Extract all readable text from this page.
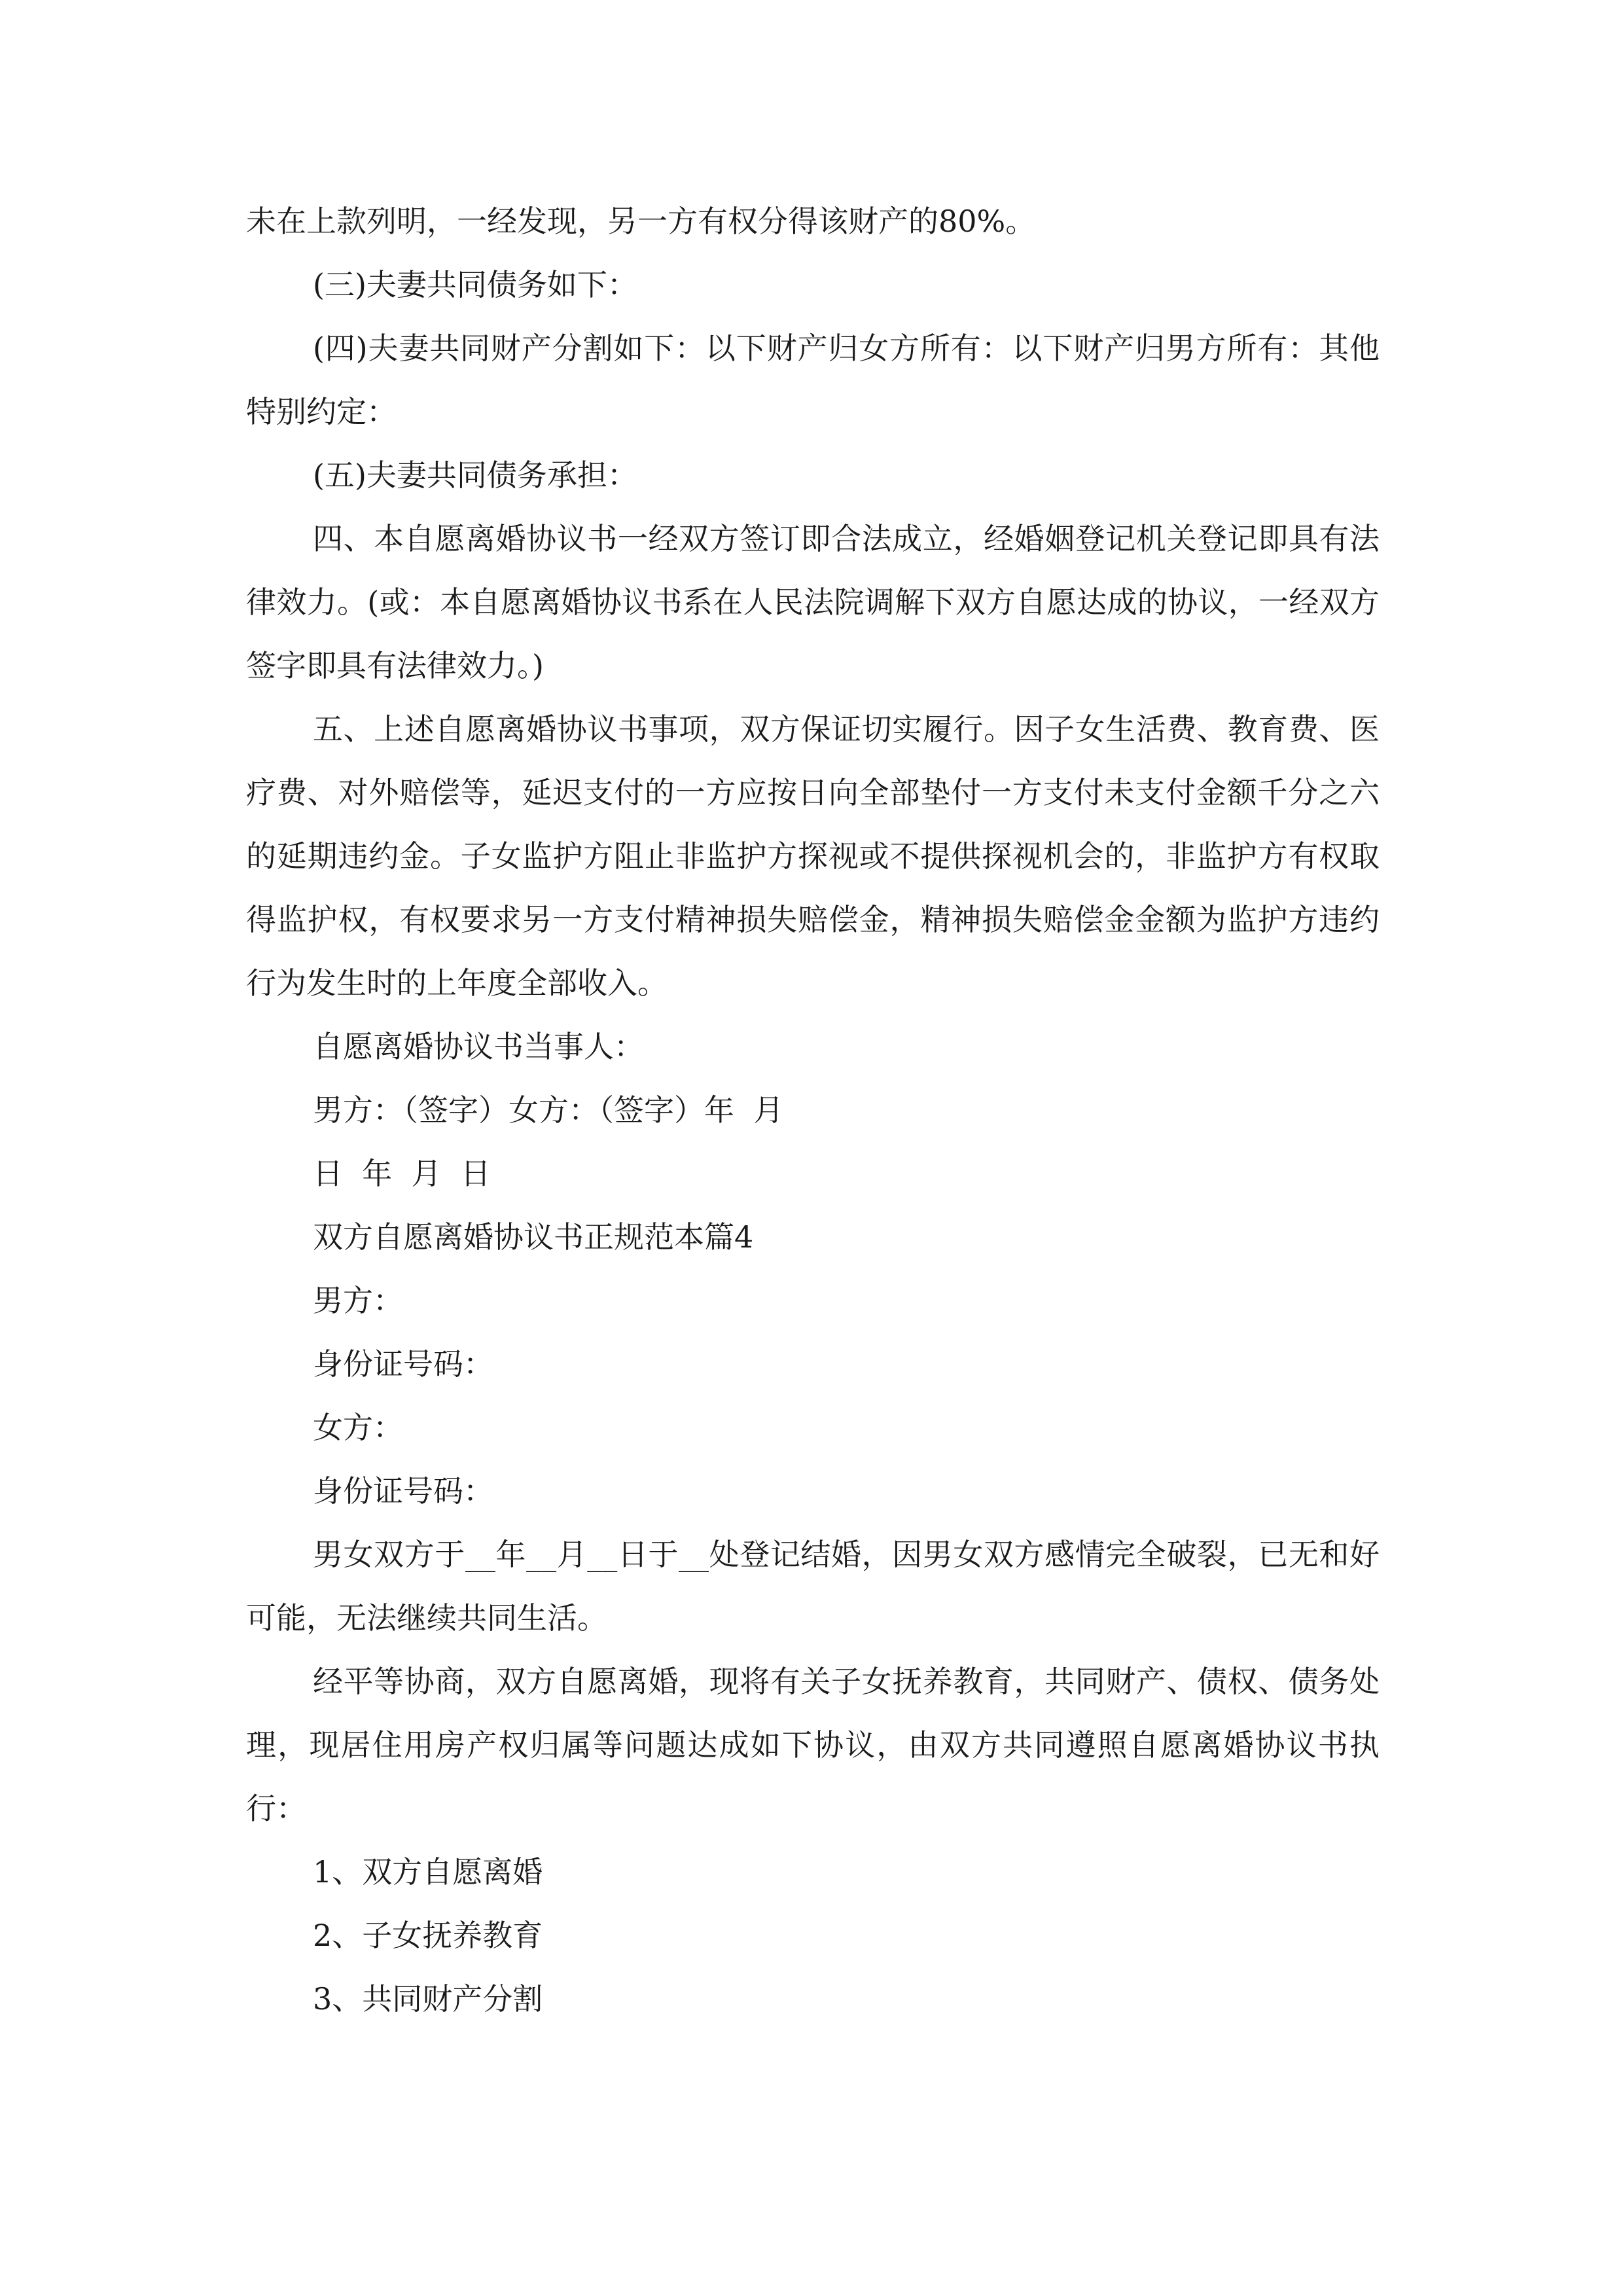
未在上款列明，一经发现，另一方有权分得该财产的80%。

(三)夫妻共同债务如下：

(四)夫妻共同财产分割如下：以下财产归女方所有：以下财产归男方所有：其他特别约定：

(五)夫妻共同债务承担：

四、本自愿离婚协议书一经双方签订即合法成立，经婚姻登记机关登记即具有法律效力。(或：本自愿离婚协议书系在人民法院调解下双方自愿达成的协议，一经双方签字即具有法律效力。)

五、上述自愿离婚协议书事项，双方保证切实履行。因子女生活费、教育费、医疗费、对外赔偿等，延迟支付的一方应按日向全部垫付一方支付未支付金额千分之六的延期违约金。子女监护方阻止非监护方探视或不提供探视机会的，非监护方有权取得监护权，有权要求另一方支付精神损失赔偿金，精神损失赔偿金金额为监护方违约行为发生时的上年度全部收入。

自愿离婚协议书当事人：

男方：（签字）女方：（签字）年  月

日  年  月  日

双方自愿离婚协议书正规范本篇4

男方：

身份证号码：

女方：

身份证号码：

男女双方于__年__月__日于__处登记结婚，因男女双方感情完全破裂，已无和好可能，无法继续共同生活。

经平等协商，双方自愿离婚，现将有关子女抚养教育，共同财产、债权、债务处理，现居住用房产权归属等问题达成如下协议，由双方共同遵照自愿离婚协议书执行：

1、双方自愿离婚

2、子女抚养教育

3、共同财产分割
